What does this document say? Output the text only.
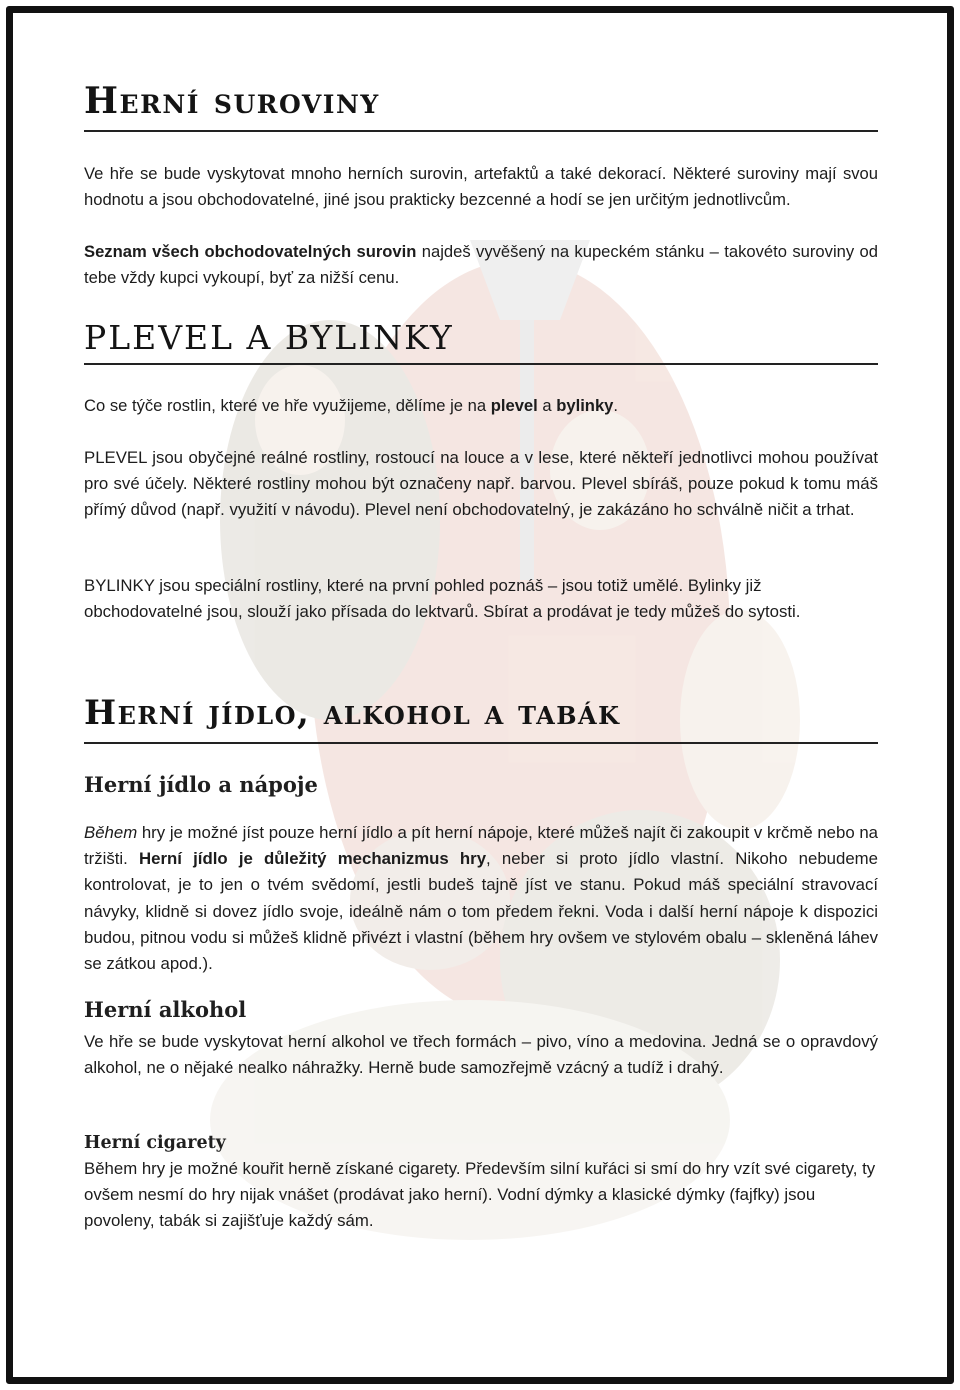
Herní suroviny

Ve hře se bude vyskytovat mnoho herních surovin, artefaktů a také dekorací. Některé suroviny mají svou hodnotu a jsou obchodovatelné, jiné jsou prakticky bezcenné a hodí se jen určitým jednotlivcům.

Seznam všech obchodovatelných surovin najdeš vyvěšený na kupeckém stánku – takovéto suroviny od tebe vždy kupci vykoupí, byť za nižší cenu.

PLEVEL A BYLINKY

Co se týče rostlin, které ve hře využijeme, dělíme je na plevel a bylinky.

PLEVEL jsou obyčejné reálné rostliny, rostoucí na louce a v lese, které někteří jednotlivci mohou používat pro své účely. Některé rostliny mohou být označeny např. barvou. Plevel sbíráš, pouze pokud k tomu máš přímý důvod (např. využití v návodu). Plevel není obchodovatelný, je zakázáno ho schválně ničit a trhat.

BYLINKY jsou speciální rostliny, které na první pohled poznáš – jsou totiž umělé. Bylinky již obchodovatelné jsou, slouží jako přísada do lektvarů. Sbírat a prodávat je tedy můžeš do sytosti.

Herní jídlo, alkohol a tabák
Herní jídlo a nápoje

Během hry je možné jíst pouze herní jídlo a pít herní nápoje, které můžeš najít či zakoupit v krčmě nebo na tržišti. Herní jídlo je důležitý mechanizmus hry, neber si proto jídlo vlastní. Nikoho nebudeme kontrolovat, je to jen o tvém svědomí, jestli budeš tajně jíst ve stanu. Pokud máš speciální stravovací návyky, klidně si dovez jídlo svoje, ideálně nám o tom předem řekni. Voda i další herní nápoje k dispozici budou, pitnou vodu si můžeš klidně přivézt i vlastní (během hry ovšem ve stylovém obalu – skleněná láhev se zátkou apod.).

Herní alkohol

Ve hře se bude vyskytovat herní alkohol ve třech formách – pivo, víno a medovina. Jedná se o opravdový alkohol, ne o nějaké nealko náhražky. Herně bude samozřejmě vzácný a tudíž i drahý.

Herní cigarety

Během hry je možné kouřit herně získané cigarety. Především silní kuřáci si smí do hry vzít své cigarety, ty ovšem nesmí do hry nijak vnášet (prodávat jako herní). Vodní dýmky a klasické dýmky (fajfky) jsou povoleny, tabák si zajišťuje každý sám.
